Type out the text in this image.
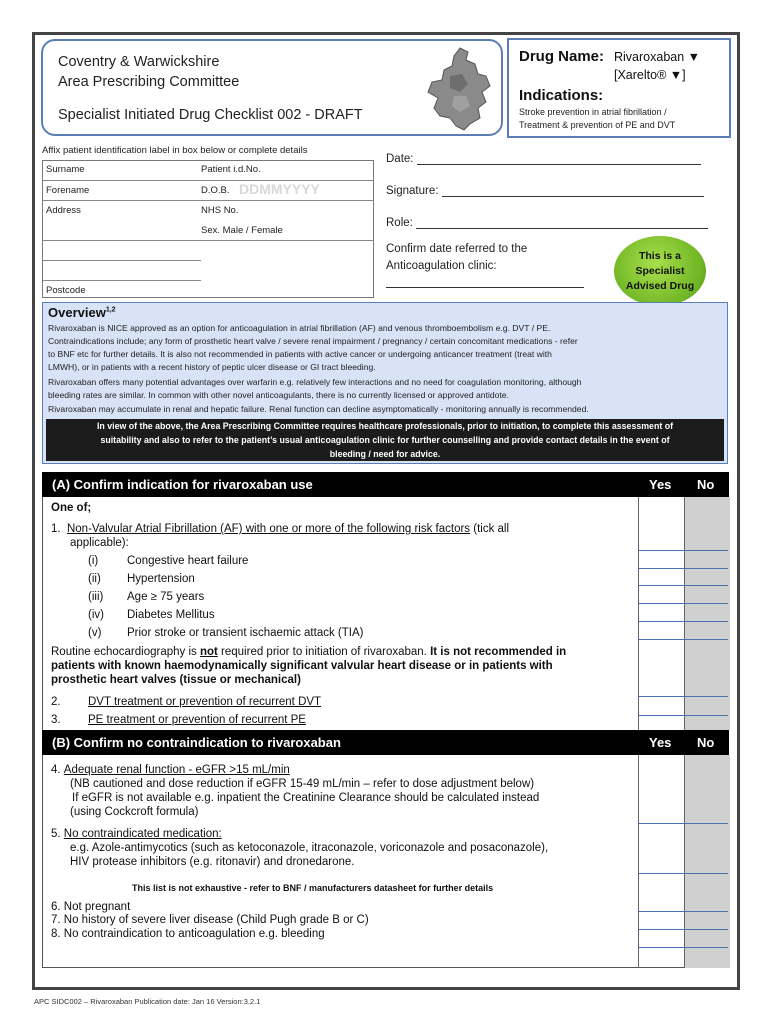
Coventry & Warwickshire
Area Prescribing Committee
Specialist Initiated Drug Checklist 002 - DRAFT
Drug Name: Rivaroxaban ▼
[Xarelto® ▼]
Indications:
Stroke prevention in atrial fibrillation /
Treatment & prevention of PE and DVT
Affix patient identification label in box below or complete details
Surname	Patient i.d.No.
Forename	D.O.B. DDMMYYYY
Address	NHS No.
Sex. Male / Female
Postcode
Date:
Signature:
Role:
Confirm date referred to the
Anticoagulation clinic:
This is a
Specialist
Advised Drug
Overview$^{1,2}$
Rivaroxaban is NICE approved as an option for anticoagulation in atrial fibrillation (AF) and venous thromboembolism e.g. DVT / PE.
Contraindications include; any form of prosthetic heart valve / severe renal impairment / pregnancy / certain concomitant medications - refer
to BNF etc for further details. It is also not recommended in patients with active cancer or undergoing anticancer treatment (treat with
LMWH), or in patients with a recent history of peptic ulcer disease or GI tract bleeding.
Rivaroxaban offers many potential advantages over warfarin e.g. relatively few interactions and no need for coagulation monitoring, although
bleeding rates are similar. In common with other novel anticoagulants, there is no currently licensed or approved antidote.
Rivaroxaban may accumulate in renal and hepatic failure. Renal function can decline asymptomatically - monitoring annually is recommended.
In view of the above, the Area Prescribing Committee requires healthcare professionals, prior to initiation, to complete this assessment of
suitability and also to refer to the patient’s usual anticoagulation clinic for further counselling and provide contact details in the event of
bleeding / need for advice.
(A) Confirm indication for rivaroxaban use	Yes No
One of;
1. Non-Valvular Atrial Fibrillation (AF) with one or more of the following risk factors (tick all
applicable):
(i)	Congestive heart failure
(ii) Hypertension
(iii) Age ≥ 75 years
(iv) Diabetes Mellitus
(v) Prior stroke or transient ischaemic attack (TIA)
Routine echocardiography is not required prior to initiation of rivaroxaban. It is not recommended in
patients with known haemodynamically significant valvular heart disease or in patients with
prosthetic heart valves (tissue or mechanical)
2. DVT treatment or prevention of recurrent DVT
3. PE treatment or prevention of recurrent PE
(B) Confirm no contraindication to rivaroxaban	Yes No
4. Adequate renal function - eGFR >15 mL/min
(NB cautioned and dose reduction if eGFR 15-49 mL/min – refer to dose adjustment below)
If eGFR is not available e.g. inpatient the Creatinine Clearance should be calculated instead
(using Cockcroft formula)
5. No contraindicated medication:
e.g. Azole-antimycotics (such as ketoconazole, itraconazole, voriconazole and posaconazole),
HIV protease inhibitors (e.g. ritonavir) and dronedarone.
This list is not exhaustive - refer to BNF / manufacturers datasheet for further details
6. Not pregnant
7. No history of severe liver disease (Child Pugh grade B or C)
8. No contraindication to anticoagulation e.g. bleeding
APC SIDC002 – Rivaroxaban Publication date: Jan 16 Version:3.2.1
